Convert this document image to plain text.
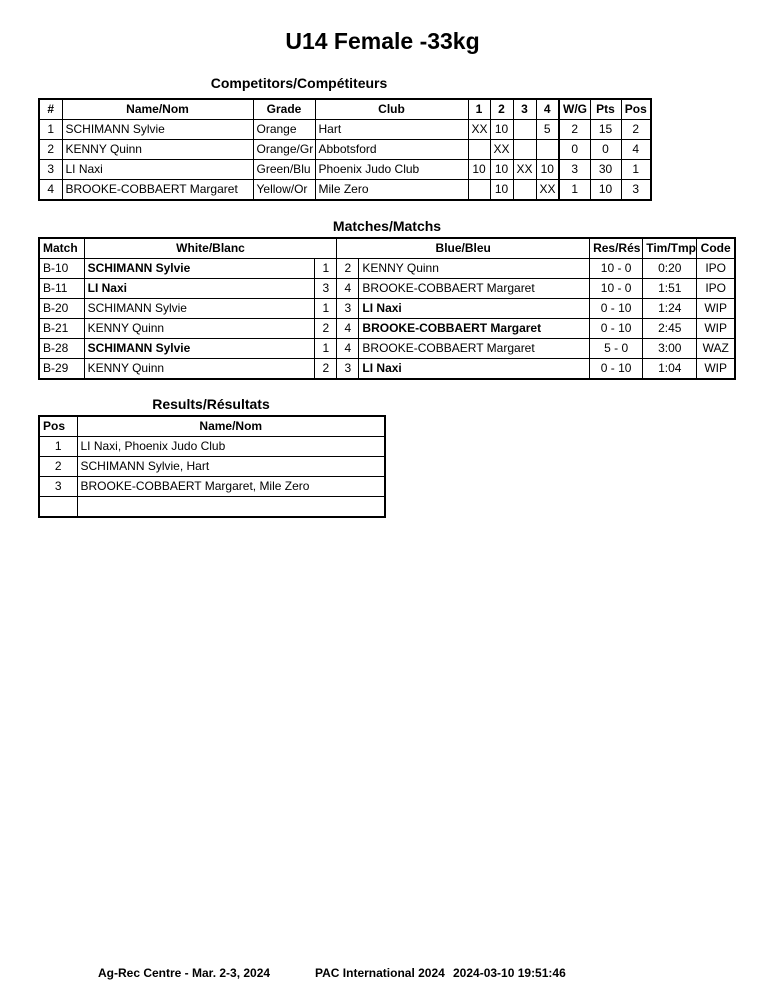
U14 Female -33kg
Competitors/Compétiteurs
#	Name/Nom	Grade	Club	1	2	3	4	W/G	Pts	Pos
1	SCHIMANN Sylvie	Orange	Hart	XX	10		5	2	15	2
2	KENNY Quinn	Orange/Gr	Abbotsford		XX			0	0	4
3	LI Naxi	Green/Blu	Phoenix Judo Club	10	10	XX	10	3	30	1
4	BROOKE-COBBAERT Margaret	Yellow/Or	Mile Zero		10		XX	1	10	3
Matches/Matchs
Match	White/Blanc		Blue/Bleu		Res/Rés	Tim/Tmp	Code
B-10	SCHIMANN Sylvie	1	2	KENNY Quinn	10 - 0	0:20	IPO
B-11	LI Naxi	3	4	BROOKE-COBBAERT Margaret	10 - 0	1:51	IPO
B-20	SCHIMANN Sylvie	1	3	LI Naxi	0 - 10	1:24	WIP
B-21	KENNY Quinn	2	4	BROOKE-COBBAERT Margaret	0 - 10	2:45	WIP
B-28	SCHIMANN Sylvie	1	4	BROOKE-COBBAERT Margaret	5 - 0	3:00	WAZ
B-29	KENNY Quinn	2	3	LI Naxi	0 - 10	1:04	WIP
Results/Résultats
Pos	Name/Nom
1	LI Naxi, Phoenix Judo Club
2	SCHIMANN Sylvie, Hart
3	BROOKE-COBBAERT Margaret, Mile Zero

Ag-Rec Centre - Mar. 2-3, 2024	PAC International 2024 2024-03-10 19:51:46
